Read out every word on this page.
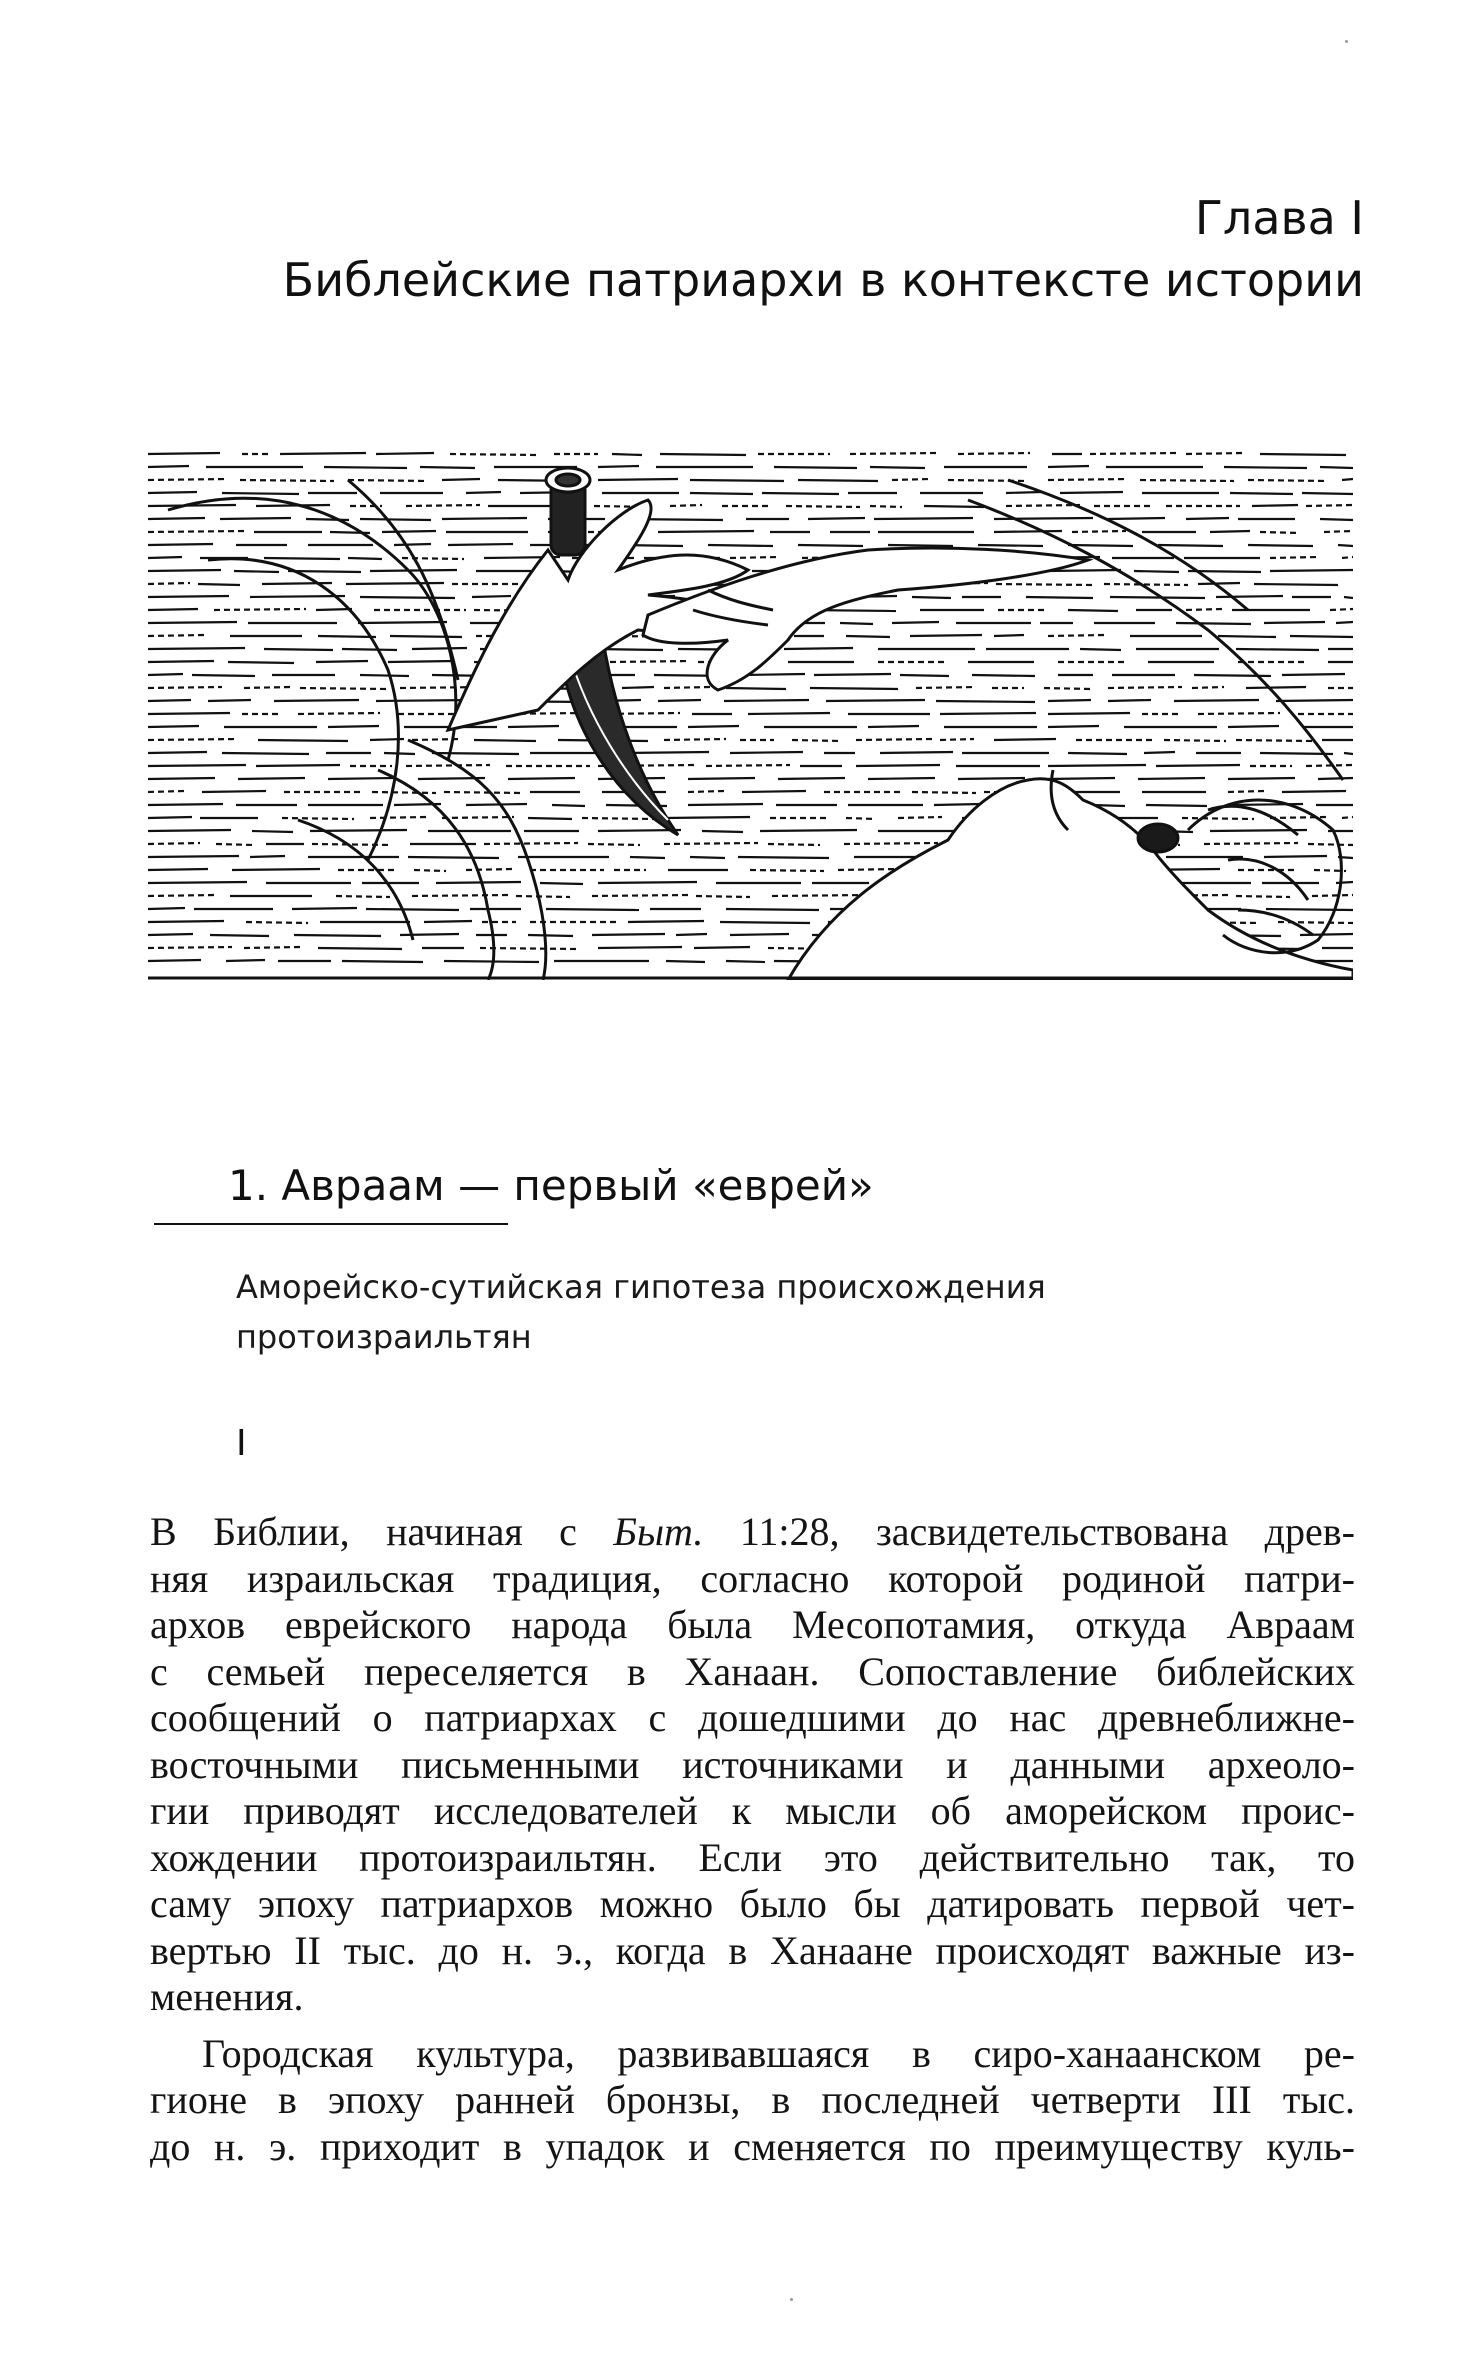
Глава I
Библейские патриархи в контексте истории
1. Авраам — первый «еврей»
Аморейско-сутийская гипотеза происхождения
протоизраильтян
I
В Библии, начиная с Быт. 11:28, засвидетельствована древ-
няя израильская традиция, согласно которой родиной патри-
архов еврейского народа была Месопотамия, откуда Авраам
с семьей переселяется в Ханаан. Сопоставление библейских
сообщений о патриархах с дошедшими до нас древнеближне-
восточными письменными источниками и данными археоло-
гии приводят исследователей к мысли об аморейском проис-
хождении протоизраильтян. Если это действительно так, то
саму эпоху патриархов можно было бы датировать первой чет-
вертью II тыс. до н. э., когда в Ханаане происходят важные из-
менения.
Городская культура, развивавшаяся в сиро-ханаанском ре-
гионе в эпоху ранней бронзы, в последней четверти III тыс.
до н. э. приходит в упадок и сменяется по преимуществу куль-
